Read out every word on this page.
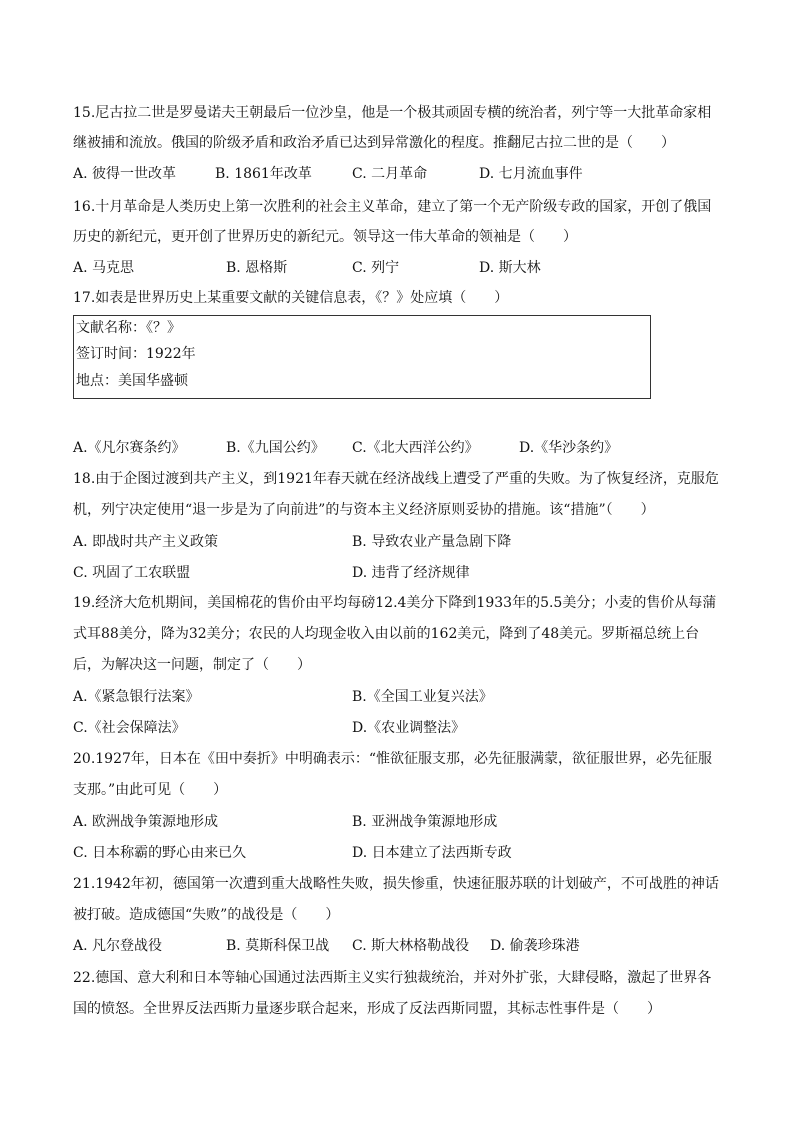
15.尼古拉二世是罗曼诺夫王朝最后一位沙皇，他是一个极其顽固专横的统治者，列宁等一大批革命家相
继被捕和流放。俄国的阶级矛盾和政治矛盾已达到异常激化的程度。推翻尼古拉二世的是（　　）
A. 彼得一世改革	B. 1861年改革	C. 二月革命	D. 七月流血事件
16.十月革命是人类历史上第一次胜利的社会主义革命，建立了第一个无产阶级专政的国家，开创了俄国
历史的新纪元，更开创了世界历史的新纪元。领导这一伟大革命的领袖是（　　）
A. 马克思	B. 恩格斯	C. 列宁	D. 斯大林
17.如表是世界历史上某重要文献的关键信息表，《？》处应填（　　）
文献名称：《？》
签订时间：1922年
地点：美国华盛顿
A.《凡尔赛条约》	B.《九国公约》 C.《北大西洋公约》	D.《华沙条约》
18.由于企图过渡到共产主义，到1921年春天就在经济战线上遭受了严重的失败。为了恢复经济，克服危
机，列宁决定使用“退一步是为了向前进”的与资本主义经济原则妥协的措施。该“措施”（　　）
A. 即战时共产主义政策	B. 导致农业产量急剧下降
C. 巩固了工农联盟	D. 违背了经济规律
19.经济大危机期间，美国棉花的售价由平均每磅12.4美分下降到1933年的5.5美分；小麦的售价从每蒲
式耳88美分，降为32美分；农民的人均现金收入由以前的162美元，降到了48美元。罗斯福总统上台
后，为解决这一问题，制定了（　　）
A.《紧急银行法案》	B.《全国工业复兴法》
C.《社会保障法》	D.《农业调整法》
20.1927年，日本在《田中奏折》中明确表示：“惟欲征服支那，必先征服满蒙，欲征服世界，必先征服
支那。”由此可见（　　）
A. 欧洲战争策源地形成	B. 亚洲战争策源地形成
C. 日本称霸的野心由来已久	D. 日本建立了法西斯专政
21.1942年初，德国第一次遭到重大战略性失败，损失惨重，快速征服苏联的计划破产，不可战胜的神话
被打破。造成德国“失败”的战役是（　　）
A. 凡尔登战役	B. 莫斯科保卫战 C. 斯大林格勒战役 D. 偷袭珍珠港
22.德国、意大利和日本等轴心国通过法西斯主义实行独裁统治，并对外扩张，大肆侵略，激起了世界各
国的愤怒。全世界反法西斯力量逐步联合起来，形成了反法西斯同盟，其标志性事件是（　　）
